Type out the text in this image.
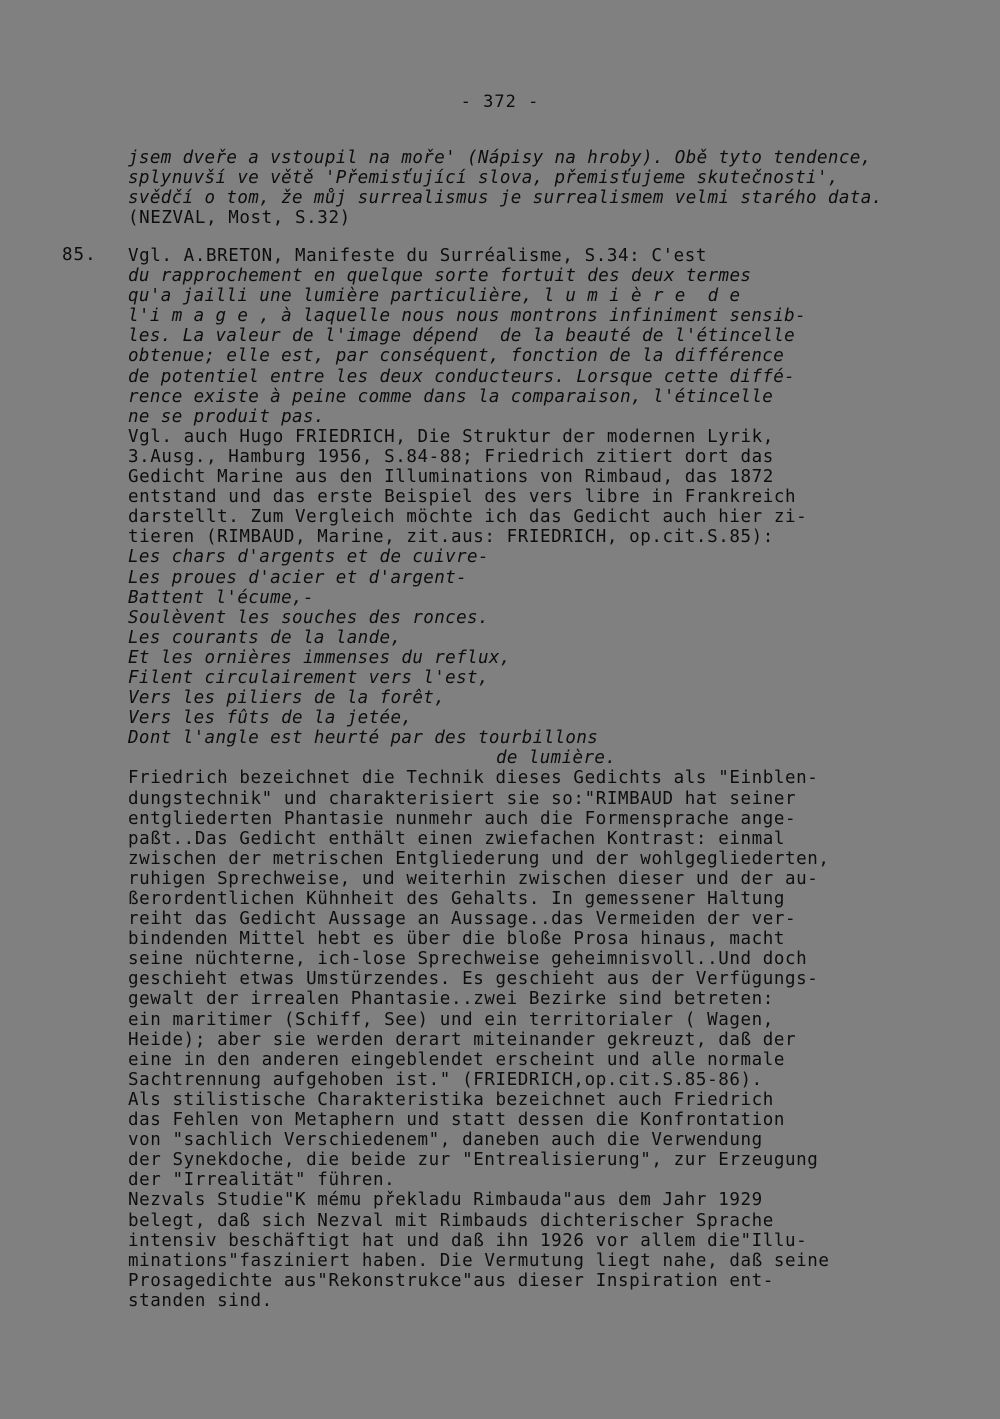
- 372 -
jsem dveře a vstoupil na moře' (Nápisy na hroby). Obě tyto tendence,
splynuvší ve větě 'Přemisťující slova, přemisťujeme skutečnosti',
svědčí o tom, že můj surrealismus je surrealismem velmi starého data.
(NEZVAL, Most, S.32)
85. Vgl. A.BRETON, Manifeste du Surréalisme, S.34: C'est
du rapprochement en quelque sorte fortuit des deux termes
qu'a jailli une lumière particulière, l u m i è r e  d e
l'i m a g e , à laquelle nous nous montrons infiniment sensib-
les. La valeur de l'image dépend  de la beauté de l'étincelle
obtenue; elle est, par conséquent, fonction de la différence
de potentiel entre les deux conducteurs. Lorsque cette diffé-
rence existe à peine comme dans la comparaison, l'étincelle
ne se produit pas.
Vgl. auch Hugo FRIEDRICH, Die Struktur der modernen Lyrik,
3.Ausg., Hamburg 1956, S.84-88; Friedrich zitiert dort das
Gedicht Marine aus den Illuminations von Rimbaud, das 1872
entstand und das erste Beispiel des vers libre in Frankreich
darstellt. Zum Vergleich möchte ich das Gedicht auch hier zi-
tieren (RIMBAUD, Marine, zit.aus: FRIEDRICH, op.cit.S.85):
Les chars d'argents et de cuivre-
Les proues d'acier et d'argent-
Battent l'écume,-
Soulèvent les souches des ronces.
Les courants de la lande,
Et les ornières immenses du reflux,
Filent circulairement vers l'est,
Vers les piliers de la forêt,
Vers les fûts de la jetée,
Dont l'angle est heurté par des tourbillons
de lumière.
Friedrich bezeichnet die Technik dieses Gedichts als "Einblen-
dungstechnik" und charakterisiert sie so:"RIMBAUD hat seiner
entgliederten Phantasie nunmehr auch die Formensprache ange-
paßt..Das Gedicht enthält einen zwiefachen Kontrast: einmal
zwischen der metrischen Entgliederung und der wohlgegliederten,
ruhigen Sprechweise, und weiterhin zwischen dieser und der au-
ßerordentlichen Kühnheit des Gehalts. In gemessener Haltung
reiht das Gedicht Aussage an Aussage..das Vermeiden der ver-
bindenden Mittel hebt es über die bloße Prosa hinaus, macht
seine nüchterne, ich-lose Sprechweise geheimnisvoll..Und doch
geschieht etwas Umstürzendes. Es geschieht aus der Verfügungs-
gewalt der irrealen Phantasie..zwei Bezirke sind betreten:
ein maritimer (Schiff, See) und ein territorialer ( Wagen,
Heide); aber sie werden derart miteinander gekreuzt, daß der
eine in den anderen eingeblendet erscheint und alle normale
Sachtrennung aufgehoben ist." (FRIEDRICH,op.cit.S.85-86).
Als stilistische Charakteristika bezeichnet auch Friedrich
das Fehlen von Metaphern und statt dessen die Konfrontation
von "sachlich Verschiedenem", daneben auch die Verwendung
der Synekdoche, die beide zur "Entrealisierung", zur Erzeugung
der "Irrealität" führen.
Nezvals Studie"K mému překladu Rimbauda"aus dem Jahr 1929
belegt, daß sich Nezval mit Rimbauds dichterischer Sprache
intensiv beschäftigt hat und daß ihn 1926 vor allem die"Illu-
minations"fasziniert haben. Die Vermutung liegt nahe, daß seine
Prosagedichte aus"Rekonstrukce"aus dieser Inspiration ent-
standen sind.
